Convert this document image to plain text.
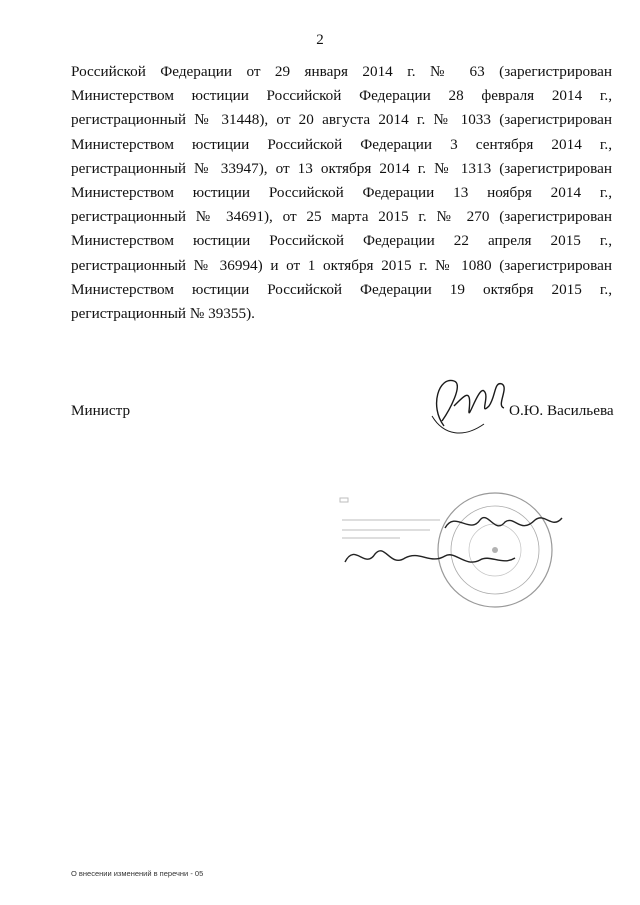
2
Российской Федерации от 29 января 2014 г. № 63 (зарегистрирован Министерством юстиции Российской Федерации 28 февраля 2014 г., регистрационный № 31448), от 20 августа 2014 г. № 1033 (зарегистрирован Министерством юстиции Российской Федерации 3 сентября 2014 г., регистрационный № 33947), от 13 октября 2014 г. № 1313 (зарегистрирован Министерством юстиции Российской Федерации 13 ноября 2014 г., регистрационный № 34691), от 25 марта 2015 г. № 270 (зарегистрирован Министерством юстиции Российской Федерации 22 апреля 2015 г., регистрационный № 36994) и от 1 октября 2015 г. № 1080 (зарегистрирован Министерством юстиции Российской Федерации 19 октября 2015 г., регистрационный № 39355).
Министр	О.Ю. Васильева
О внесении изменений в перечни - 05
